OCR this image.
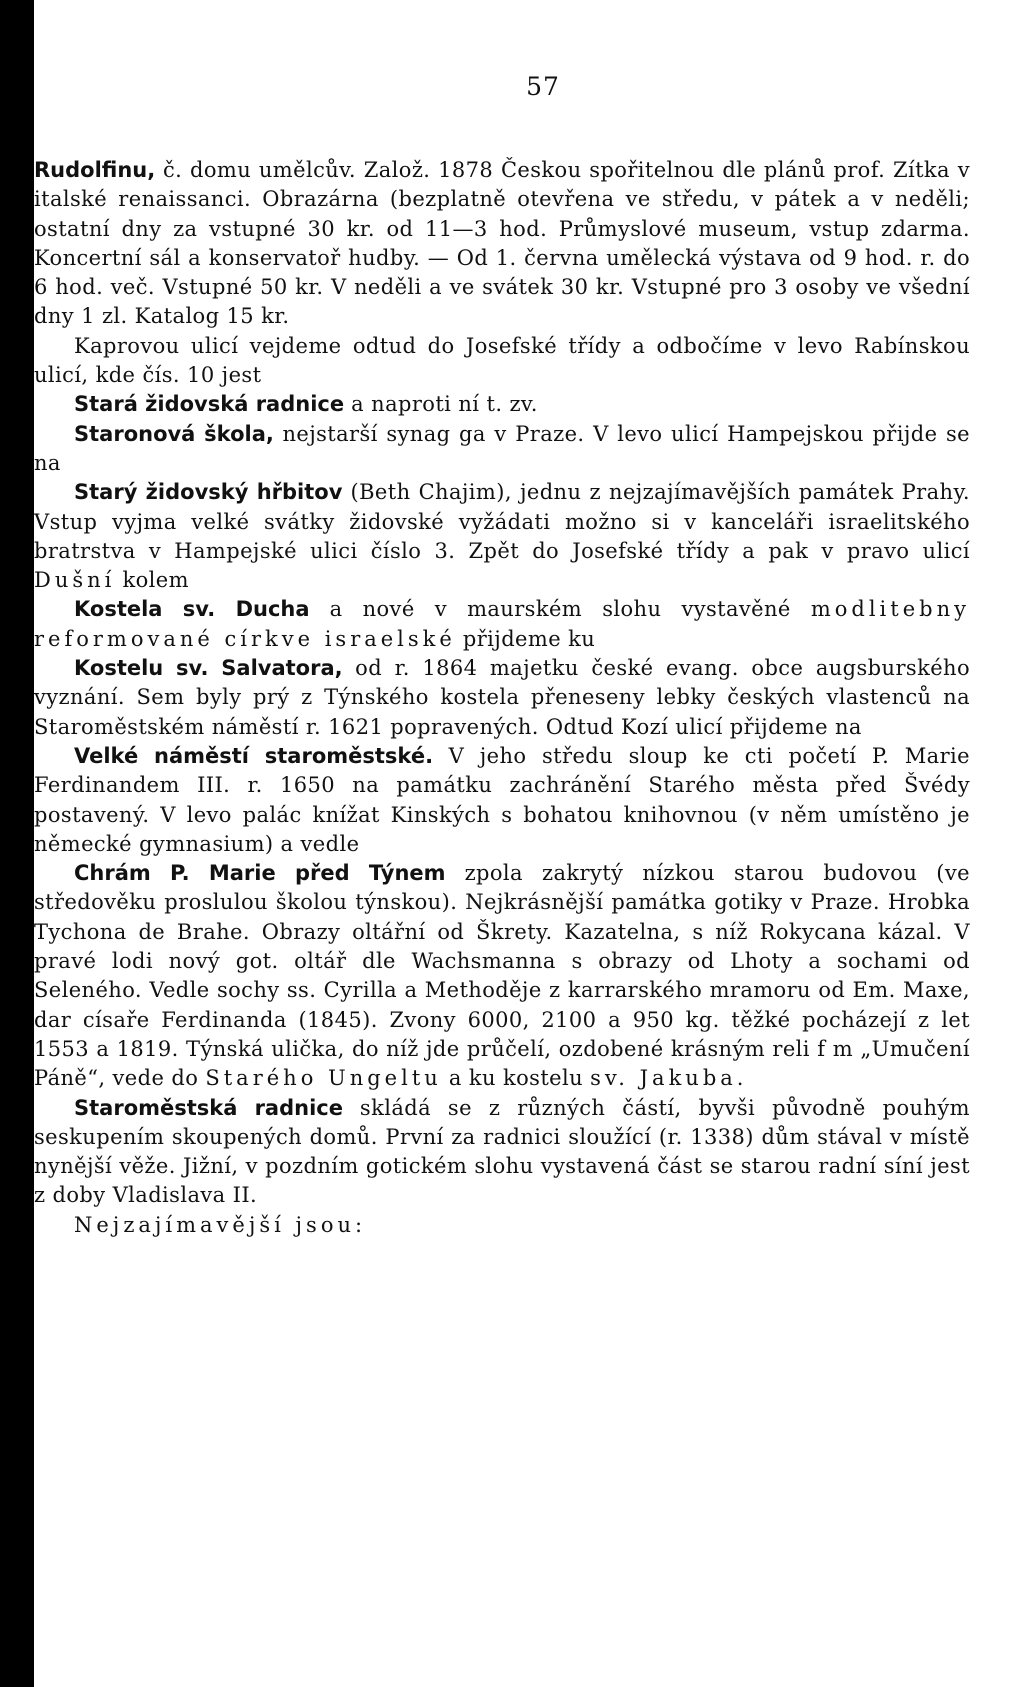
57

Rudolfinu, č. domu umělcův. Založ. 1878 Českou spořitelnou dle plánů prof. Zítka v italské renaissanci. Obrazárna (bezplatně otevřena ve středu, v pátek a v neděli; ostatní dny za vstupné 30 kr. od 11—3 hod. Průmyslové museum, vstup zdarma. Koncertní sál a konservatoř hudby. — Od 1. června umělecká výstava od 9 hod. r. do 6 hod. več. Vstupné 50 kr. V neděli a ve svátek 30 kr. Vstupné pro 3 osoby ve všední dny 1 zl. Katalog 15 kr.

Kaprovou ulicí vejdeme odtud do Josefské třídy a odbočíme v levo Rabínskou ulicí, kde čís. 10 jest

Stará židovská radnice a naproti ní t. zv.

Staronová škola, nejstarší synag ga v Praze. V levo ulicí Hampejskou přijde se na

Starý židovský hřbitov (Beth Chajim), jednu z nejzajímavějších památek Prahy. Vstup vyjma velké svátky židovské vyžádati možno si v kanceláři israelitského bratrstva v Hampejské ulici číslo 3. Zpět do Josefské třídy a pak v pravo ulicí Dušní kolem

Kostela sv. Ducha a nové v maurském slohu vystavěné modlitebny reformované církve israelské přijdeme ku

Kostelu sv. Salvatora, od r. 1864 majetku české evang. obce augsburského vyznání. Sem byly prý z Týnského kostela přeneseny lebky českých vlastenců na Staroměstském náměstí r. 1621 popravených. Odtud Kozí ulicí přijdeme na

Velké náměstí staroměstské. V jeho středu sloup ke cti početí P. Marie Ferdinandem III. r. 1650 na památku zachránění Starého města před Švédy postavený. V levo palác knížat Kinských s bohatou knihovnou (v něm umístěno je německé gymnasium) a vedle

Chrám P. Marie před Týnem zpola zakrytý nízkou starou budovou (ve středověku proslulou školou týnskou). Nejkrásnější památka gotiky v Praze. Hrobka Tychona de Brahe. Obrazy oltářní od Škrety. Kazatelna, s níž Rokycana kázal. V pravé lodi nový got. oltář dle Wachsmanna s obrazy od Lhoty a sochami od Seleného. Vedle sochy ss. Cyrilla a Methoděje z karrarského mramoru od Em. Maxe, dar císaře Ferdinanda (1845). Zvony 6000, 2100 a 950 kg. těžké pocházejí z let 1553 a 1819. Týnská ulička, do níž jde průčelí, ozdobené krásným reli f m „Umučení Páně“, vede do Starého Ungeltu a ku kostelu sv. Jakuba.

Staroměstská radnice skládá se z různých částí, byvši původně pouhým seskupením skoupených domů. První za radnici sloužící (r. 1338) dům stával v místě nynější věže. Jižní, v pozdním gotickém slohu vystavená část se starou radní síní jest z doby Vladislava II.

Nejzajímavější jsou:
